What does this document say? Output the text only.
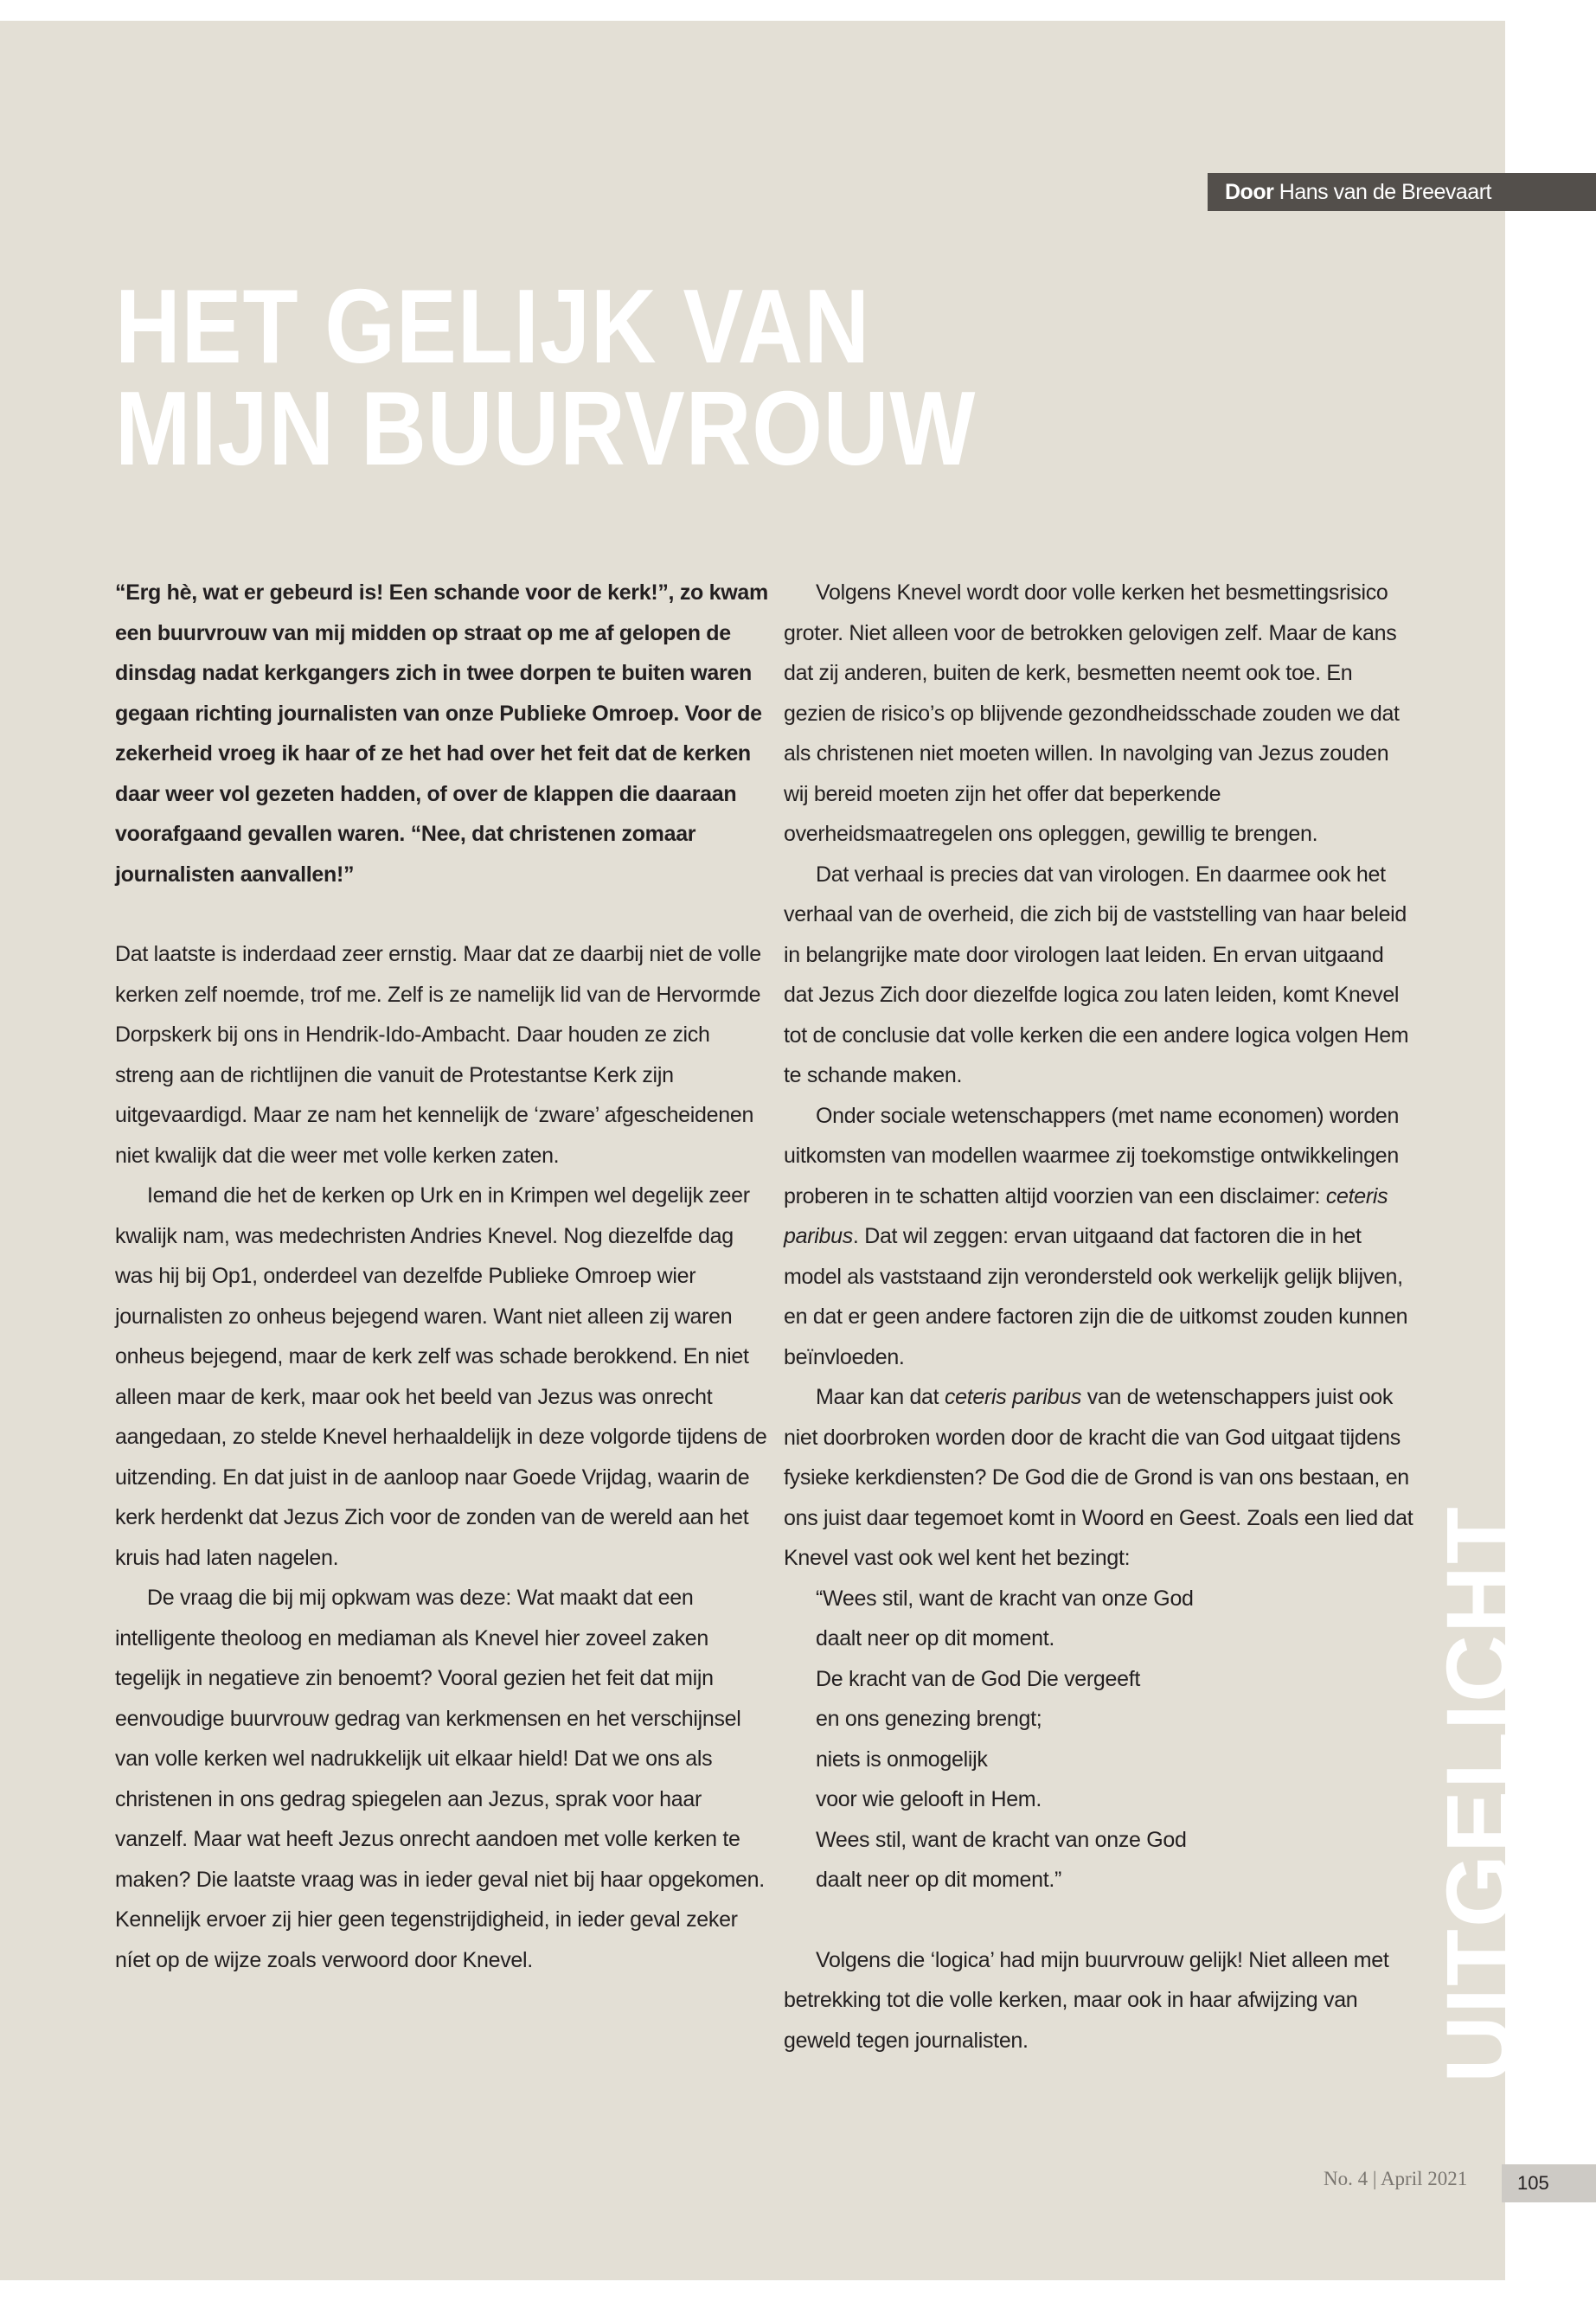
Door Hans van de Breevaart
HET GELIJK VAN
MIJN BUURVROUW

“Erg hè, wat er gebeurd is! Een schande voor de kerk!”, zo kwam een buurvrouw van mij midden op straat op me af gelopen de dinsdag nadat kerkgangers zich in twee dorpen te buiten waren gegaan richting journalisten van onze Publieke Omroep. Voor de zekerheid vroeg ik haar of ze het had over het feit dat de kerken daar weer vol gezeten hadden, of over de klappen die daaraan voorafgaand gevallen waren. “Nee, dat christenen zomaar journalisten aanvallen!”

Dat laatste is inderdaad zeer ernstig. Maar dat ze daarbij niet de volle kerken zelf noemde, trof me. Zelf is ze namelijk lid van de Hervormde Dorpskerk bij ons in Hendrik-Ido-Ambacht. Daar houden ze zich streng aan de richtlijnen die vanuit de Protestantse Kerk zijn uitgevaardigd. Maar ze nam het kennelijk de ‘zware’ afgescheidenen niet kwalijk dat die weer met volle kerken zaten.

Iemand die het de kerken op Urk en in Krimpen wel degelijk zeer kwalijk nam, was medechristen Andries Knevel. Nog diezelfde dag was hij bij Op1, onderdeel van dezelfde Publieke Omroep wier journalisten zo onheus bejegend waren. Want niet alleen zij waren onheus bejegend, maar de kerk zelf was schade berokkend. En niet alleen maar de kerk, maar ook het beeld van Jezus was onrecht aangedaan, zo stelde Knevel herhaaldelijk in deze volgorde tijdens de uitzending. En dat juist in de aanloop naar Goede Vrijdag, waarin de kerk herdenkt dat Jezus Zich voor de zonden van de wereld aan het kruis had laten nagelen.

De vraag die bij mij opkwam was deze: Wat maakt dat een intelligente theoloog en mediaman als Knevel hier zoveel zaken tegelijk in negatieve zin benoemt? Vooral gezien het feit dat mijn eenvoudige buurvrouw gedrag van kerkmensen en het verschijnsel van volle kerken wel nadrukkelijk uit elkaar hield! Dat we ons als christenen in ons gedrag spiegelen aan Jezus, sprak voor haar vanzelf. Maar wat heeft Jezus onrecht aandoen met volle kerken te maken? Die laatste vraag was in ieder geval niet bij haar opgekomen. Kennelijk ervoer zij hier geen tegenstrijdigheid, in ieder geval zeker níet op de wijze zoals verwoord door Knevel.

Volgens Knevel wordt door volle kerken het besmettingsrisico groter. Niet alleen voor de betrokken gelovigen zelf. Maar de kans dat zij anderen, buiten de kerk, besmetten neemt ook toe. En gezien de risico’s op blijvende gezondheidsschade zouden we dat als christenen niet moeten willen. In navolging van Jezus zouden wij bereid moeten zijn het offer dat beperkende overheidsmaatregelen ons opleggen, gewillig te brengen.

Dat verhaal is precies dat van virologen. En daarmee ook het verhaal van de overheid, die zich bij de vaststelling van haar beleid in belangrijke mate door virologen laat leiden. En ervan uitgaand dat Jezus Zich door diezelfde logica zou laten leiden, komt Knevel tot de conclusie dat volle kerken die een andere logica volgen Hem te schande maken.

Onder sociale wetenschappers (met name economen) worden uitkomsten van modellen waarmee zij toekomstige ontwikkelingen proberen in te schatten altijd voorzien van een disclaimer: ceteris paribus. Dat wil zeggen: ervan uitgaand dat factoren die in het model als vaststaand zijn verondersteld ook werkelijk gelijk blijven, en dat er geen andere factoren zijn die de uitkomst zouden kunnen beïnvloeden.

Maar kan dat ceteris paribus van de wetenschappers juist ook niet doorbroken worden door de kracht die van God uitgaat tijdens fysieke kerkdiensten? De God die de Grond is van ons bestaan, en ons juist daar tegemoet komt in Woord en Geest. Zoals een lied dat Knevel vast ook wel kent het bezingt:

“Wees stil, want de kracht van onze God
daalt neer op dit moment.
De kracht van de God Die vergeeft
en ons genezing brengt;
niets is onmogelijk
voor wie gelooft in Hem.
Wees stil, want de kracht van onze God
daalt neer op dit moment.”

Volgens die ‘logica’ had mijn buurvrouw gelijk! Niet alleen met betrekking tot die volle kerken, maar ook in haar afwijzing van geweld tegen journalisten.	UITGELICHT
No. 4 | April 2021	105
